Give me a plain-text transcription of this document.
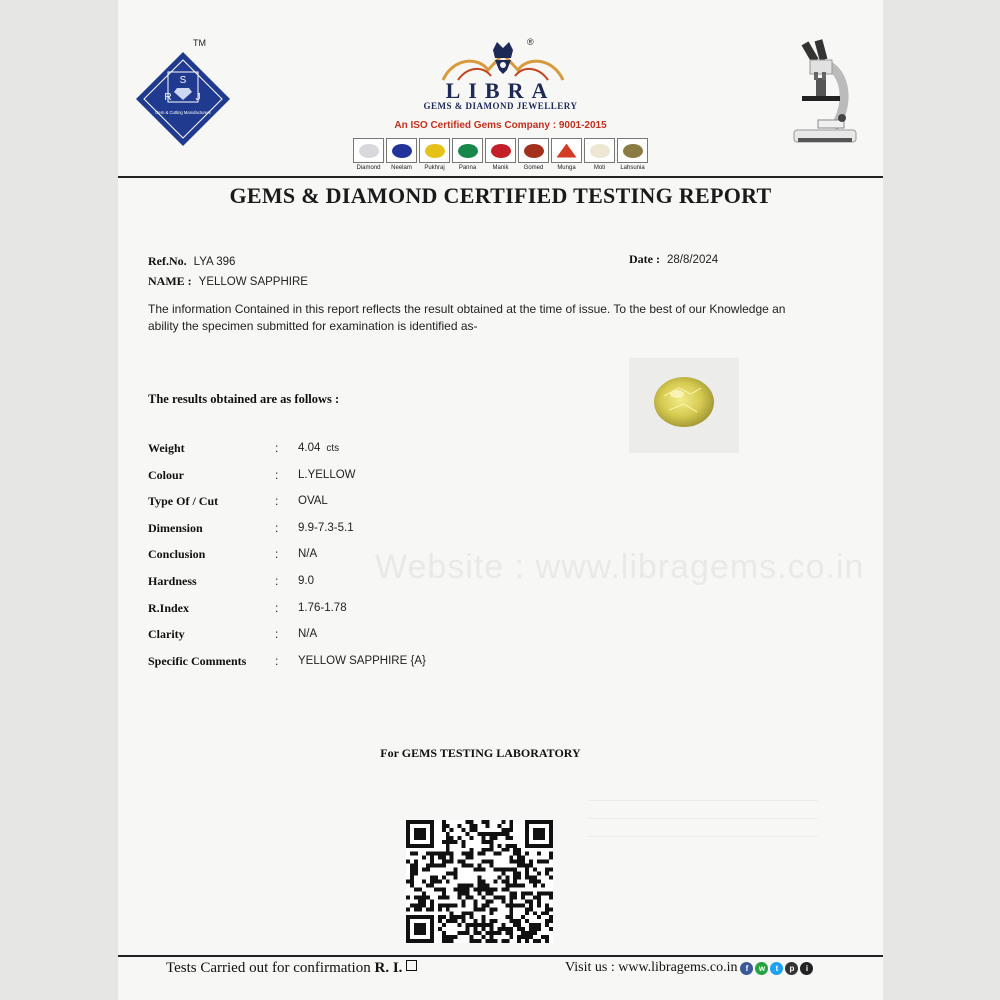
Website : www.libragems.co.in
TM
S
R J
Gem & Cutting Manufacturers
®
LIBRA
GEMS & DIAMOND JEWELLERY
An ISO Certified Gems Company : 9001-2015
Diamond Neelam Pukhraj Panna	Manik	Gomed Munga	Moti	Lahsunia
GEMS & DIAMOND CERTIFIED TESTING REPORT
Ref.No. LYA 396
NAME : YELLOW SAPPHIRE
Date : 28/8/2024
The information Contained in this report reflects the result obtained at the time of issue. To the best of our Knowledge an ability the specimen submitted for examination is identified as-
The results obtained are as follows :
Weight	: 4.04 cts
Colour	: L.YELLOW
Type Of / Cut	: OVAL
Dimension	: 9.9-7.3-5.1
Conclusion	: N/A
Hardness	: 9.0
R.Index	: 1.76-1.78
Clarity	: N/A
Specific Comments : YELLOW SAPPHIRE {A}
For GEMS TESTING LABORATORY
Tests Carried out for confirmation R. I.	Visit us : www.libragems.co.in	f	w	t	p	i
